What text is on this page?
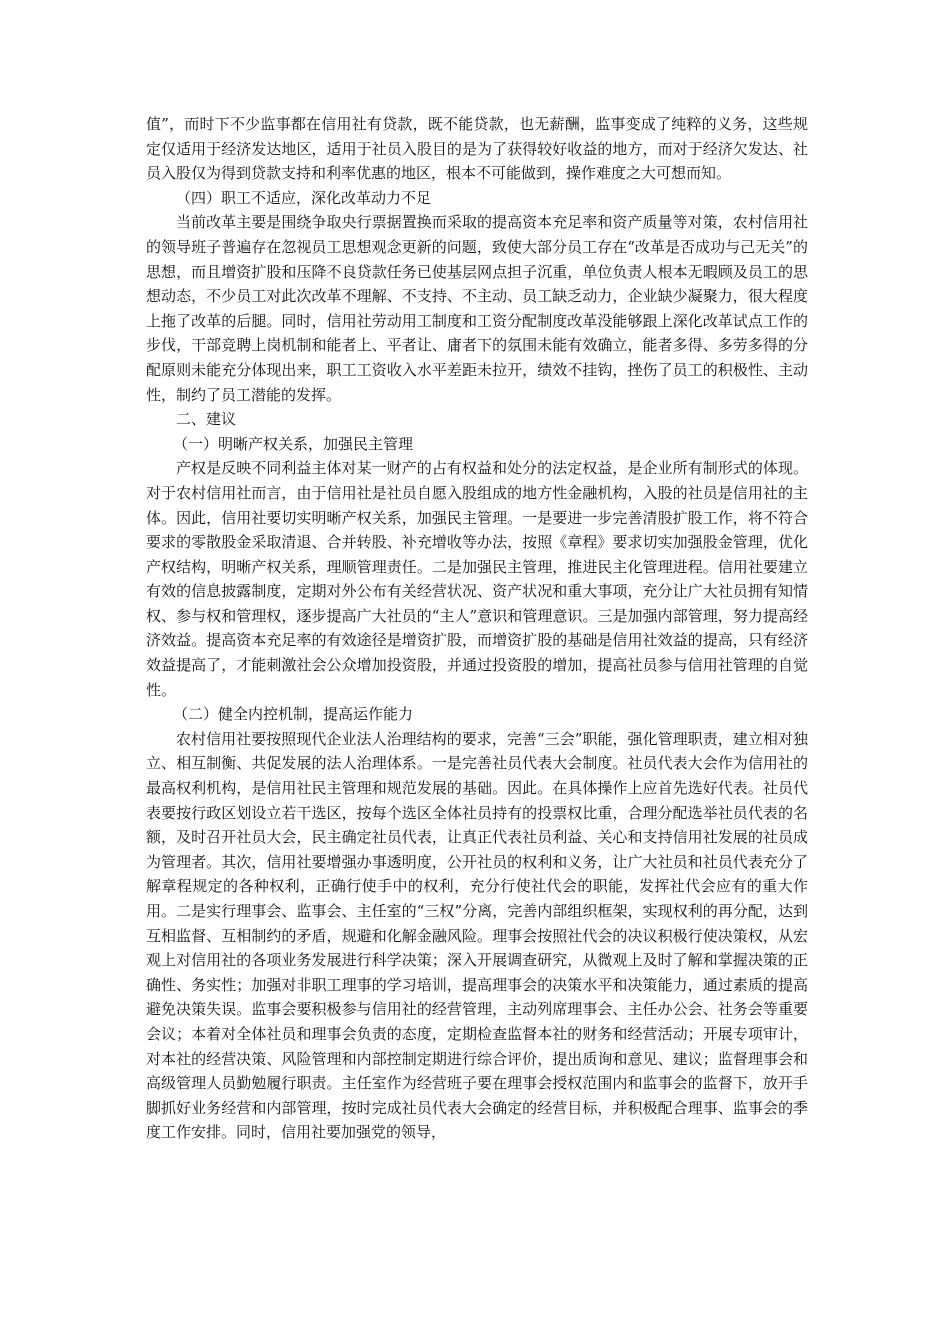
值”，而时下不少监事都在信用社有贷款，既不能贷款，也无薪酬，监事变成了纯粹的义务，这些规定仅适用于经济发达地区，适用于社员入股目的是为了获得较好收益的地方，而对于经济欠发达、社员入股仅为得到贷款支持和利率优惠的地区，根本不可能做到，操作难度之大可想而知。

（四）职工不适应，深化改革动力不足

当前改革主要是围绕争取央行票据置换而采取的提高资本充足率和资产质量等对策，农村信用社的领导班子普遍存在忽视员工思想观念更新的问题，致使大部分员工存在“改革是否成功与己无关”的思想，而且增资扩股和压降不良贷款任务已使基层网点担子沉重，单位负责人根本无暇顾及员工的思想动态，不少员工对此次改革不理解、不支持、不主动、员工缺乏动力，企业缺少凝聚力，很大程度上拖了改革的后腿。同时，信用社劳动用工制度和工资分配制度改革没能够跟上深化改革试点工作的步伐，干部竞聘上岗机制和能者上、平者让、庸者下的氛围未能有效确立，能者多得、多劳多得的分配原则未能充分体现出来，职工工资收入水平差距未拉开，绩效不挂钩，挫伤了员工的积极性、主动性，制约了员工潜能的发挥。

二、建议

（一）明晰产权关系，加强民主管理

产权是反映不同利益主体对某一财产的占有权益和处分的法定权益，是企业所有制形式的体现。对于农村信用社而言，由于信用社是社员自愿入股组成的地方性金融机构，入股的社员是信用社的主体。因此，信用社要切实明晰产权关系，加强民主管理。一是要进一步完善清股扩股工作，将不符合要求的零散股金采取清退、合并转股、补充增收等办法，按照《章程》要求切实加强股金管理，优化产权结构，明晰产权关系，理顺管理责任。二是加强民主管理，推进民主化管理进程。信用社要建立有效的信息披露制度，定期对外公布有关经营状况、资产状况和重大事项，充分让广大社员拥有知情权、参与权和管理权，逐步提高广大社员的“主人”意识和管理意识。三是加强内部管理，努力提高经济效益。提高资本充足率的有效途径是增资扩股，而增资扩股的基础是信用社效益的提高，只有经济效益提高了，才能刺激社会公众增加投资股，并通过投资股的增加，提高社员参与信用社管理的自觉性。

（二）健全内控机制，提高运作能力

农村信用社要按照现代企业法人治理结构的要求，完善“三会”职能，强化管理职责，建立相对独立、相互制衡、共促发展的法人治理体系。一是完善社员代表大会制度。社员代表大会作为信用社的最高权利机构，是信用社民主管理和规范发展的基础。因此。在具体操作上应首先选好代表。社员代表要按行政区划设立若干选区，按每个选区全体社员持有的投票权比重，合理分配选举社员代表的名额，及时召开社员大会，民主确定社员代表，让真正代表社员利益、关心和支持信用社发展的社员成为管理者。其次，信用社要增强办事透明度，公开社员的权利和义务，让广大社员和社员代表充分了解章程规定的各种权利，正确行使手中的权利，充分行使社代会的职能，发挥社代会应有的重大作用。二是实行理事会、监事会、主任室的“三权”分离，完善内部组织框架，实现权利的再分配，达到互相监督、互相制约的矛盾，规避和化解金融风险。理事会按照社代会的决议积极行使决策权，从宏观上对信用社的各项业务发展进行科学决策；深入开展调查研究，从微观上及时了解和掌握决策的正确性、务实性；加强对非职工理事的学习培训，提高理事会的决策水平和决策能力，通过素质的提高避免决策失误。监事会要积极参与信用社的经营管理，主动列席理事会、主任办公会、社务会等重要会议；本着对全体社员和理事会负责的态度，定期检查监督本社的财务和经营活动；开展专项审计，对本社的经营决策、风险管理和内部控制定期进行综合评价，提出质询和意见、建议；监督理事会和高级管理人员勤勉履行职责。主任室作为经营班子要在理事会授权范围内和监事会的监督下，放开手脚抓好业务经营和内部管理，按时完成社员代表大会确定的经营目标，并积极配合理事、监事会的季度工作安排。同时，信用社要加强党的领导，
